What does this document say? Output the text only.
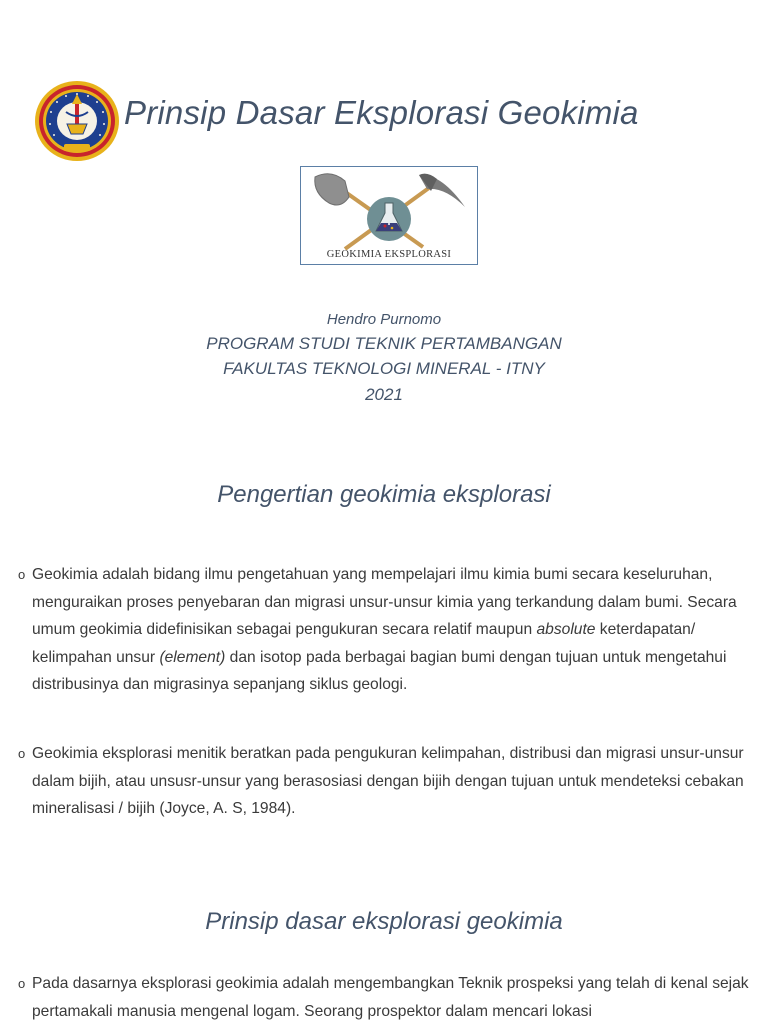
Prinsip Dasar Eksplorasi Geokimia
GEOKIMIA EKSPLORASI

Hendro Purnomo

PROGRAM STUDI TEKNIK PERTAMBANGAN

FAKULTAS TEKNOLOGI MINERAL - ITNY

2021

Pengertian geokimia eksplorasi

o Geokimia adalah bidang ilmu pengetahuan yang mempelajari ilmu kimia bumi secara keseluruhan, menguraikan proses penyebaran dan migrasi unsur-unsur kimia yang terkandung dalam bumi. Secara umum geokimia didefinisikan sebagai pengukuran secara relatif maupun absolute keterdapatan/ kelimpahan unsur (element) dan isotop pada berbagai bagian bumi dengan tujuan untuk mengetahui distribusinya dan migrasinya sepanjang siklus geologi.

o Geokimia eksplorasi menitik beratkan pada pengukuran kelimpahan, distribusi dan migrasi unsur-unsur dalam bijih, atau unsusr-unsur yang berasosiasi dengan bijih dengan tujuan untuk mendeteksi cebakan mineralisasi / bijih (Joyce, A. S, 1984).

Prinsip dasar eksplorasi geokimia

o Pada dasarnya eksplorasi geokimia adalah mengembangkan Teknik prospeksi yang telah di kenal sejak pertamakali manusia mengenal logam. Seorang prospektor dalam mencari lokasi
